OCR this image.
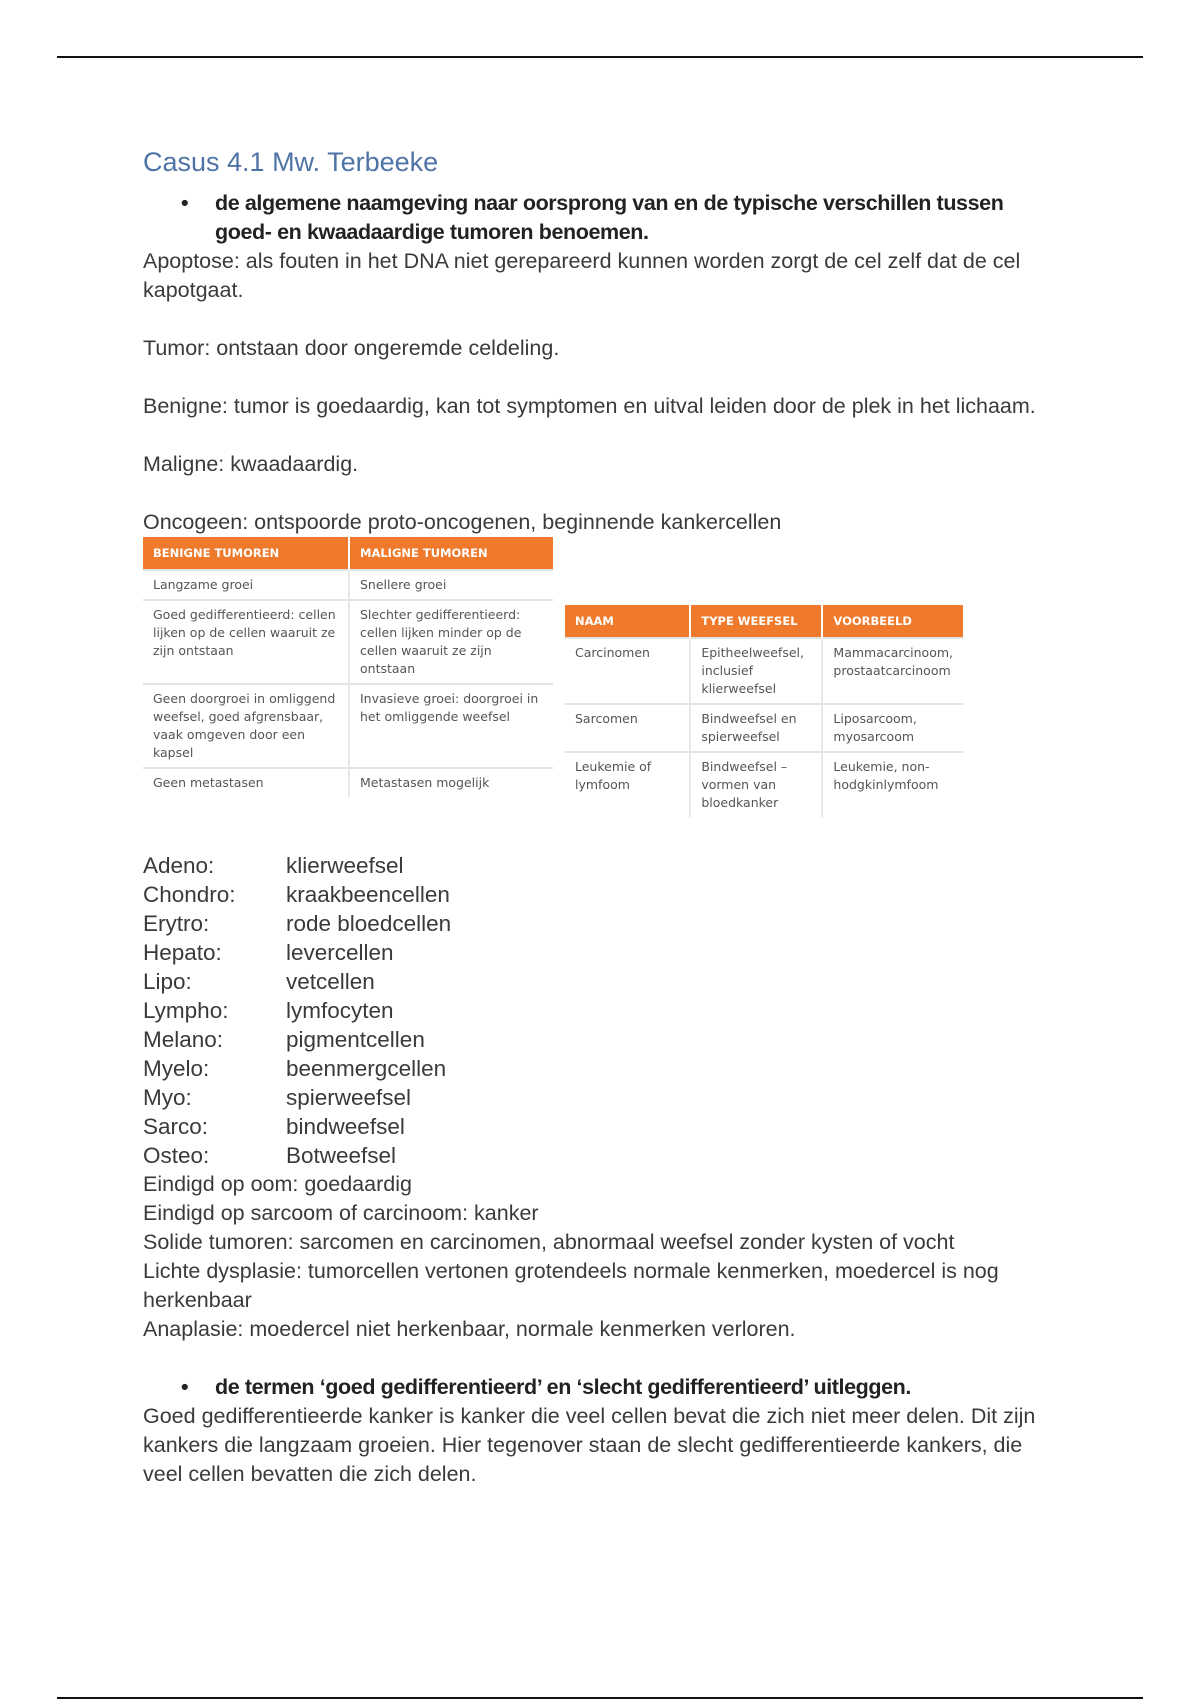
Casus 4.1 Mw. Terbeeke
•	de algemene naamgeving naar oorsprong van en de typische verschillen tussen goed- en kwaadaardige tumoren benoemen.

Apoptose: als fouten in het DNA niet gerepareerd kunnen worden zorgt de cel zelf dat de cel kapotgaat.

Tumor: ontstaan door ongeremde celdeling.

Benigne: tumor is goedaardig, kan tot symptomen en uitval leiden door de plek in het lichaam.

Maligne: kwaadaardig.

Oncogeen: ontspoorde proto-oncogenen, beginnende kankercellen

BENIGNE TUMOREN	MALIGNE TUMOREN
Langzame groei	Snellere groei
Goed gedifferentieerd: cellen lijken op de cellen waaruit ze zijn ontstaan	Slechter gedifferentieerd: cellen lijken minder op de cellen waaruit ze zijn ontstaan
Geen doorgroei in omliggend weefsel, goed afgrensbaar, vaak omgeven door een kapsel	Invasieve groei: doorgroei in het omliggende weefsel
Geen metastasen	Metastasen mogelijk
NAAM	TYPE WEEFSEL	VOORBEELD
Carcinomen	Epitheelweefsel, inclusief klierweefsel	Mammacarcinoom, prostaatcarcinoom
Sarcomen	Bindweefsel en spierweefsel	Liposarcoom, myosarcoom
Leukemie of lymfoom	Bindweefsel – vormen van bloedkanker	Leukemie, non-hodgkinlymfoom
Adeno:	klierweefsel
Chondro:	kraakbeencellen
Erytro:	rode bloedcellen
Hepato:	levercellen
Lipo:	vetcellen
Lympho:	lymfocyten
Melano:	pigmentcellen
Myelo:	beenmergcellen
Myo:	spierweefsel
Sarco:	bindweefsel
Osteo:	Botweefsel

Eindigd op oom: goedaardig

Eindigd op sarcoom of carcinoom: kanker

Solide tumoren: sarcomen en carcinomen, abnormaal weefsel zonder kysten of vocht

Lichte dysplasie: tumorcellen vertonen grotendeels normale kenmerken, moedercel is nog herkenbaar

Anaplasie: moedercel niet herkenbaar, normale kenmerken verloren.

•	de termen ‘goed gedifferentieerd’ en ‘slecht gedifferentieerd’ uitleggen.

Goed gedifferentieerde kanker is kanker die veel cellen bevat die zich niet meer delen. Dit zijn kankers die langzaam groeien. Hier tegenover staan de slecht gedifferentieerde kankers, die veel cellen bevatten die zich delen.
